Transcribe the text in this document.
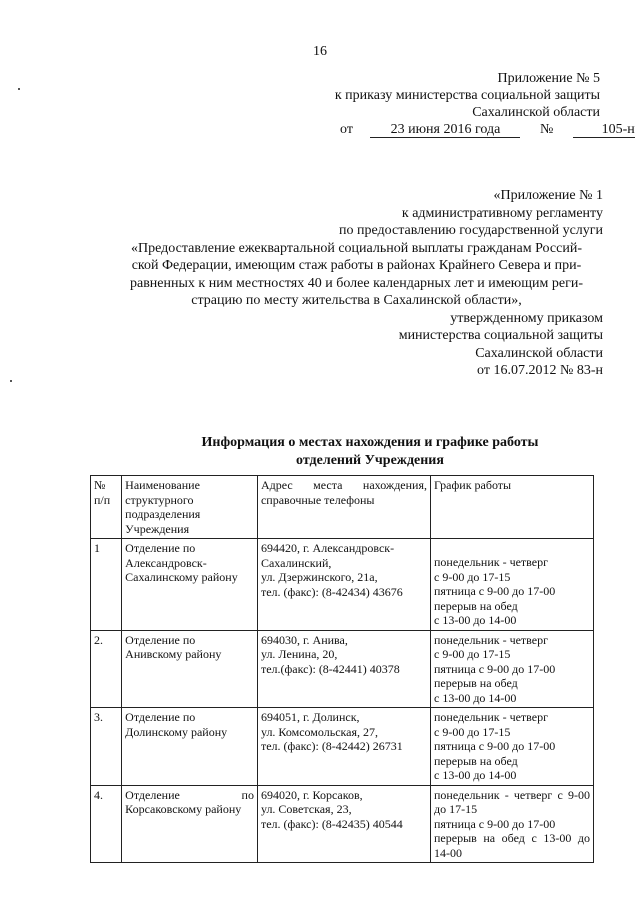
16
Приложение № 5
к приказу министерства социальной защиты
Сахалинской области
от	23 июня 2016 года	№	105-н
«Приложение № 1
к административному регламенту
по предоставлению государственной услуги
«Предоставление ежеквартальной социальной выплаты гражданам Россий-
ской Федерации, имеющим стаж работы в районах Крайнего Севера и при-
равненных к ним местностях 40 и более календарных лет и имеющим реги-
страцию по месту жительства в Сахалинской области»,
утвержденному приказом
министерства социальной защиты
Сахалинской области
от 16.07.2012 № 83-н
Информация о местах нахождения и графике работы
отделений Учреждения
№ п/п	Наименование структурного подразделения Учреждения	Адрес места нахождения, справочные телефоны	График работы
1	Отделение по Александровск-Сахалинскому району	694420, г. Александровск-Сахалинский,
ул. Дзержинского, 21а,
тел. (факс): (8-42434) 43676	понедельник - четверг
с 9-00 до 17-15
пятница с 9-00 до 17-00
перерыв на обед
с 13-00 до 14-00

2.	Отделение по Анивскому району	694030, г. Анива,
ул. Ленина, 20,
тел.(факс): (8-42441) 40378	понедельник - четверг
с 9-00 до 17-15
пятница с 9-00 до 17-00
перерыв на обед
с 13-00 до 14-00

3.	Отделение по Долинскому району	694051, г. Долинск,
ул. Комсомольская, 27,
тел. (факс): (8-42442) 26731	понедельник - четверг
с 9-00 до 17-15
пятница с 9-00 до 17-00
перерыв на обед
с 13-00 до 14-00

4.	Отделение по Корсаковскому району	694020, г. Корсаков,
ул. Советская, 23,
тел. (факс): (8-42435) 40544	понедельник - четверг с 9-00 до 17-15
пятница с 9-00 до 17-00
перерыв на обед с 13-00 до 14-00
